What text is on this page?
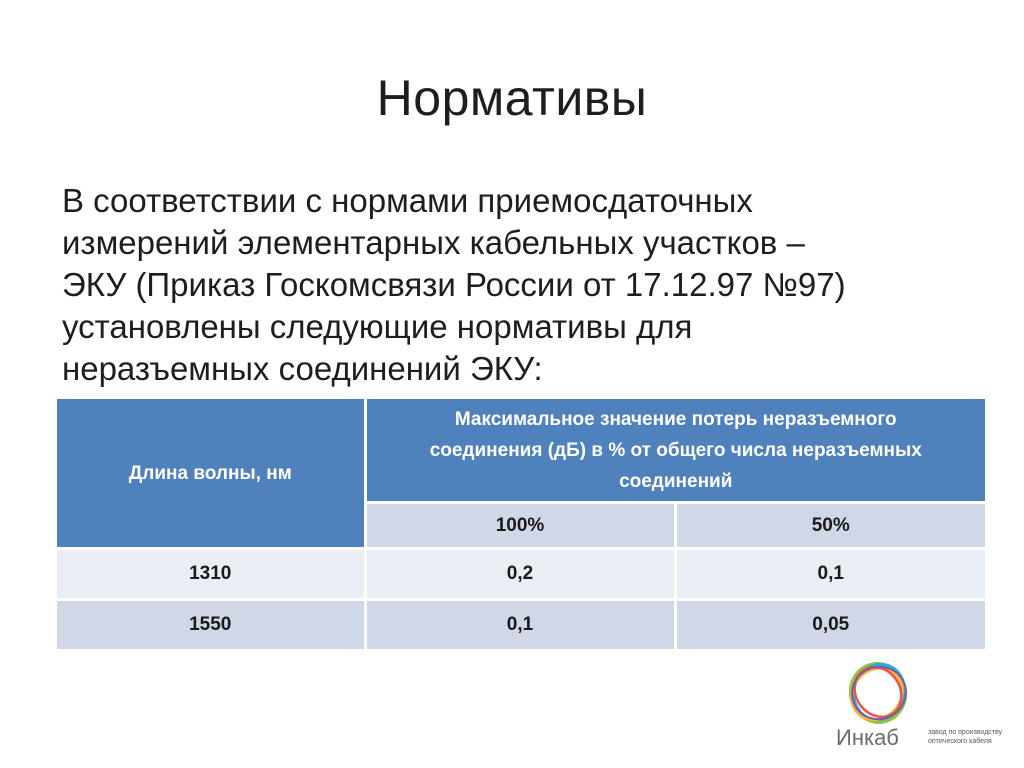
Нормативы
В соответствии с нормами приемосдаточных
измерений элементарных кабельных участков –
ЭКУ (Приказ Госкомсвязи России от 17.12.97 №97)
установлены следующие нормативы для
неразъемных соединений ЭКУ:
Длина волны, нм	Максимальное значение потерь неразъемного
соединения (дБ) в % от общего числа неразъемных
соединений	

	100%	50%
1310	0,2	0,1
1550	0,1	0,05
Инкаб	завод по производству
оптического кабеля
